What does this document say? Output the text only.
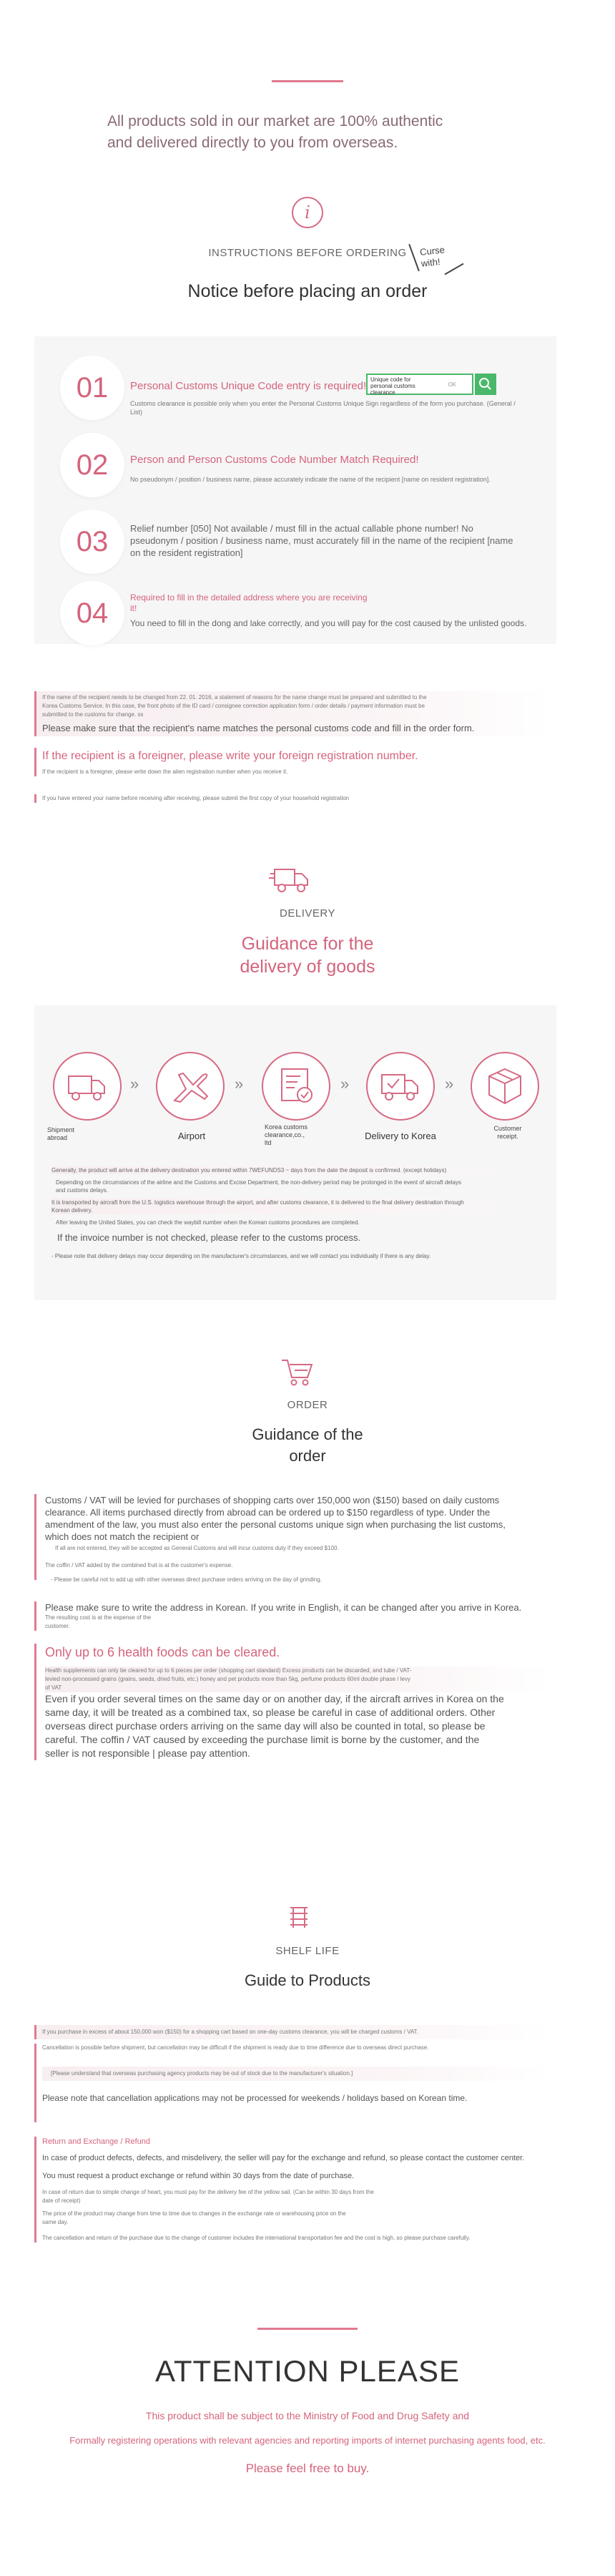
All products sold in our market are 100% authentic
and delivered directly to you from overseas.
i
INSTRUCTIONS BEFORE ORDERING	Curse
with!
Notice before placing an order
01	Personal Customs Unique Code entry is required!
Customs clearance is possible only when you enter the Personal Customs Unique Sign regardless of the form you purchase. (General /
List)
Unique code for
personal customs
clearance
OK
02	Person and Person Customs Code Number Match Required!
No pseudonym / position / business name, please accurately indicate the name of the recipient [name on resident registration].
03	Relief number [050] Not available / must fill in the actual callable phone number! No
pseudonym / position / business name, must accurately fill in the name of the recipient [name
on the resident registration]
04	Required to fill in the detailed address where you are receiving
it!
You need to fill in the dong and lake correctly, and you will pay for the cost caused by the unlisted goods.
If the name of the recipient needs to be changed from 22. 01. 2016, a statement of reasons for the name change must be prepared and submitted to the
Korea Customs Service. In this case, the front photo of the ID card / consignee correction application form / order details / payment information must be
submitted to the customs for change. ss
Please make sure that the recipient's name matches the personal customs code and fill in the order form.
If the recipient is a foreigner, please write your foreign registration number.
If the recipient is a foreigner, please write down the alien registration number when you receive it.
If you have entered your name before receiving after receiving, please submit the first copy of your household registration
DELIVERY
Guidance for the
delivery of goods
Shipment
abroad
»
Airport
»
Korea customs
clearance,co.,
ltd
»
Delivery to Korea
»
Customer
receipt.
Generally, the product will arrive at the delivery destination you entered within 7WEFUNDS3 ~ days from the date the deposit is confirmed. (except holidays)
Depending on the circumstances of the airline and the Customs and Excise Department, the non-delivery period may be prolonged in the event of aircraft delays
and customs delays.
It is transported by aircraft from the U.S. logistics warehouse through the airport, and after customs clearance, it is delivered to the final delivery destination through
Korean delivery.
After leaving the United States, you can check the waybill number when the Korean customs procedures are completed.
If the invoice number is not checked, please refer to the customs process.
- Please note that delivery delays may occur depending on the manufacturer's circumstances, and we will contact you individually if there is any delay.
ORDER
Guidance of the
order
Customs / VAT will be levied for purchases of shopping carts over 150,000 won ($150) based on daily customs
clearance. All items purchased directly from abroad can be ordered up to $150 regardless of type. Under the
amendment of the law, you must also enter the personal customs unique sign when purchasing the list customs,
which does not match the recipient or
If all are not entered, they will be accepted as General Customs and will incur customs duty if they exceed $100.
The coffin / VAT added by the combined fruit is at the customer's expense.
- Please be careful not to add up with other overseas direct purchase orders arriving on the day of grinding.
Please make sure to write the address in Korean. If you write in English, it can be changed after you arrive in Korea.
The resulting cost is at the expense of the
customer.
Only up to 6 health foods can be cleared.
Health supplements can only be cleared for up to 6 pieces per order (shopping cart standard) Excess products can be discarded, and tube / VAT-
levied non-processed grains (grains, seeds, dried fruits, etc.) honey and pet products more than 5kg, perfume products 60ml double phase / levy
of VAT
Even if you order several times on the same day or on another day, if the aircraft arrives in Korea on the
same day, it will be treated as a combined tax, so please be careful in case of additional orders. Other
overseas direct purchase orders arriving on the same day will also be counted in total, so please be
careful. The coffin / VAT caused by exceeding the purchase limit is borne by the customer, and the
seller is not responsible | please pay attention.
SHELF LIFE
Guide to Products
If you purchase in excess of about 150,000 won ($150) for a shopping cart based on one-day customs clearance, you will be charged customs / VAT.
Cancellation is possible before shipment, but cancellation may be difficult if the shipment is ready due to time difference due to overseas direct purchase.
[Please understand that overseas purchasing agency products may be out of stock due to the manufacturer's situation.]
Please note that cancellation applications may not be processed for weekends / holidays based on Korean time.
Return and Exchange / Refund
In case of product defects, defects, and misdelivery, the seller will pay for the exchange and refund, so please contact the customer center.
You must request a product exchange or refund within 30 days from the date of purchase.
In case of return due to simple change of heart, you must pay for the delivery fee of the yellow sail. (Can be within 30 days from the
date of receipt)
The price of the product may change from time to time due to changes in the exchange rate or warehousing price on the
same day.
The cancellation and return of the purchase due to the change of customer includes the international transportation fee and the cost is high, so please purchase carefully.
ATTENTION PLEASE
This product shall be subject to the Ministry of Food and Drug Safety and
Formally registering operations with relevant agencies and reporting imports of internet purchasing agents food, etc.
Please feel free to buy.
